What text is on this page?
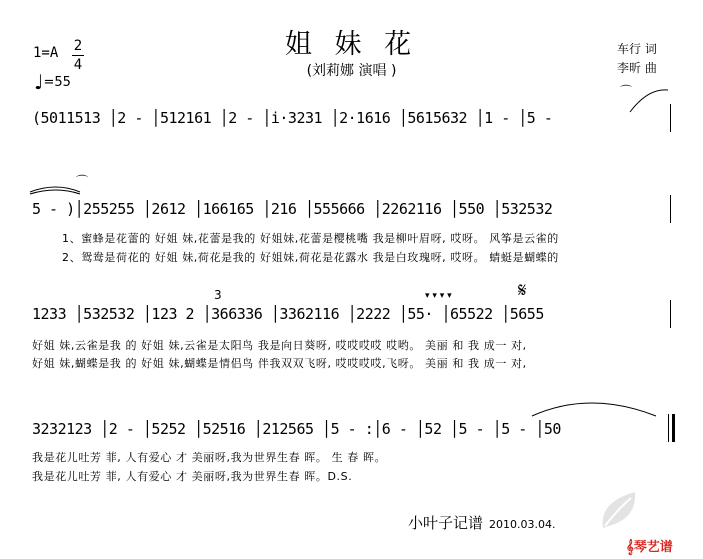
姐 妹 花
(刘莉娜 演唱 )
1=A 2
4
♩=55
车行 词
李昕 曲
(5011513 │2 - │512161 │2 - │i·3231 │2·1616 │5615632 │1 - │5 -
⌒
5 - )│255255 │2612 │166165 │216 │555666 │2262116 │550 │532532
⌒
1、蜜蜂是花蕾的 好姐 妹,花蕾是我的 好姐妹,花蕾是樱桃嘴 我是柳叶眉呀, 哎呀。 风筝是云雀的
2、鸳鸯是荷花的 好姐 妹,荷花是我的 好姐妹,荷花是花露水 我是白玫瑰呀, 哎呀。 蜻蜓是蝴蝶的
1233 │532532 │123 2 │366336 │3362116 │2222 │55· │65522 │5655
3	▾ ▾ ▾ ▾	𝄋
好姐 妹,云雀是我 的 好姐 妹,云雀是太阳鸟 我是向日葵呀, 哎哎哎哎 哎哟。 美丽 和 我 成一 对,
好姐 妹,蝴蝶是我 的 好姐 妹,蝴蝶是情侣鸟 伴我双双飞呀, 哎哎哎哎,飞呀。 美丽 和 我 成一 对,
3232123 │2 - │5252 │52516 │212565 │5 - :│6 - │52 │5 - │5 - │50
我是花儿吐芳 菲, 人有爱心 才 美丽呀,我为世界生春 晖。 生 春 晖。
我是花儿吐芳 菲, 人有爱心 才 美丽呀,我为世界生春 晖。D.S.
小叶子记谱 2010.03.04.
𝄞琴艺谱
